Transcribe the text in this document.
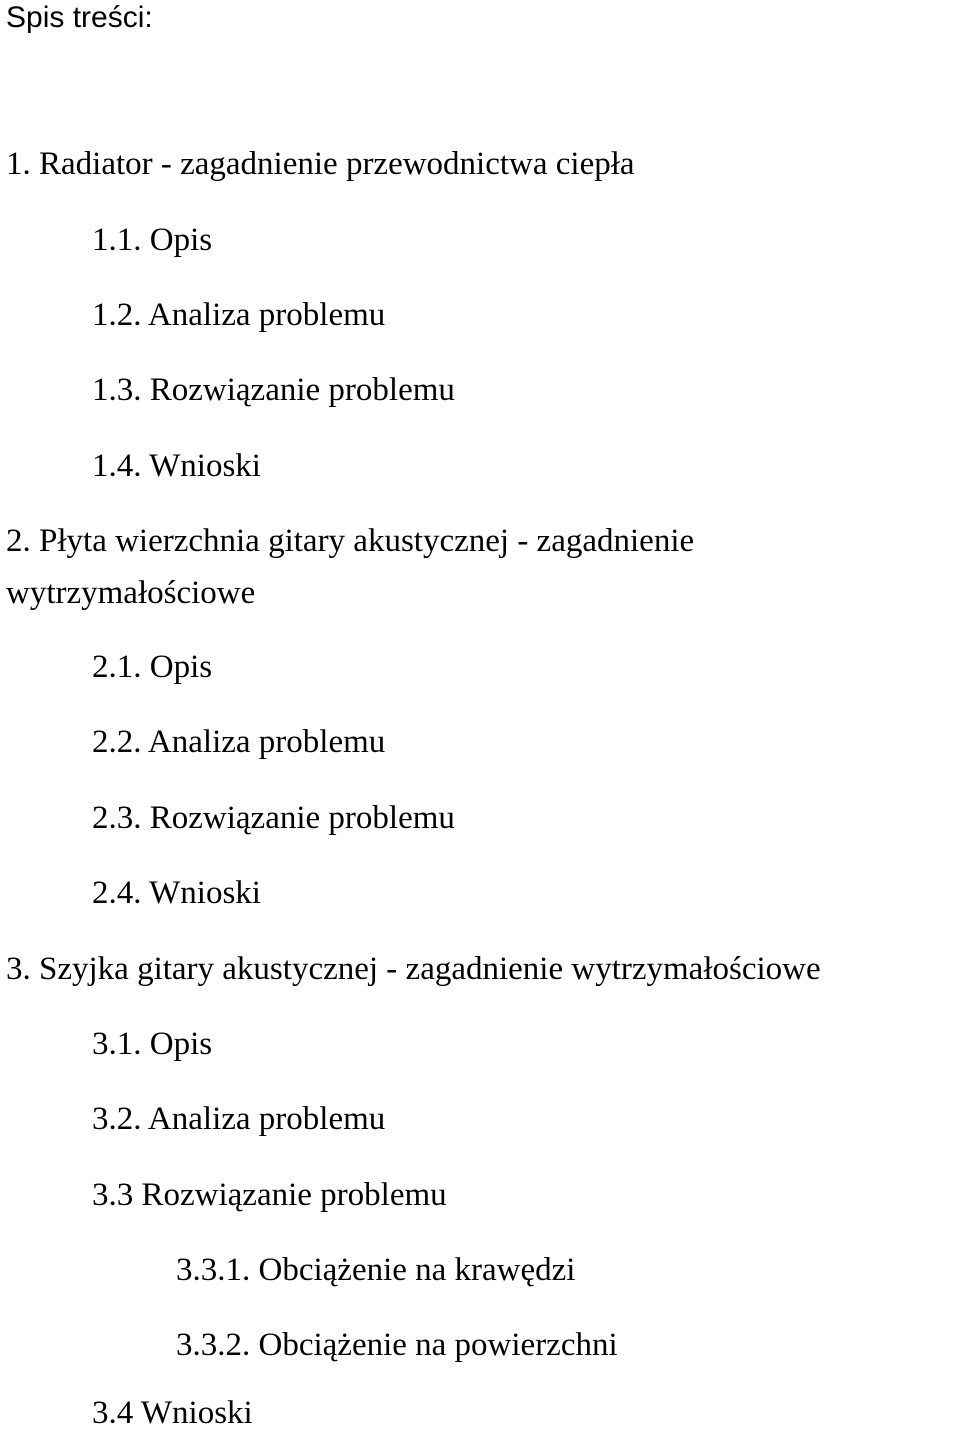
Spis treści:
1. Radiator - zagadnienie przewodnictwa ciepła
1.1. Opis
1.2. Analiza problemu
1.3. Rozwiązanie problemu
1.4. Wnioski
2. Płyta wierzchnia gitary akustycznej - zagadnienie
wytrzymałościowe
2.1. Opis
2.2. Analiza problemu
2.3. Rozwiązanie problemu
2.4. Wnioski
3. Szyjka gitary akustycznej - zagadnienie wytrzymałościowe
3.1. Opis
3.2. Analiza problemu
3.3 Rozwiązanie problemu
3.3.1. Obciążenie na krawędzi
3.3.2. Obciążenie na powierzchni
3.4 Wnioski
